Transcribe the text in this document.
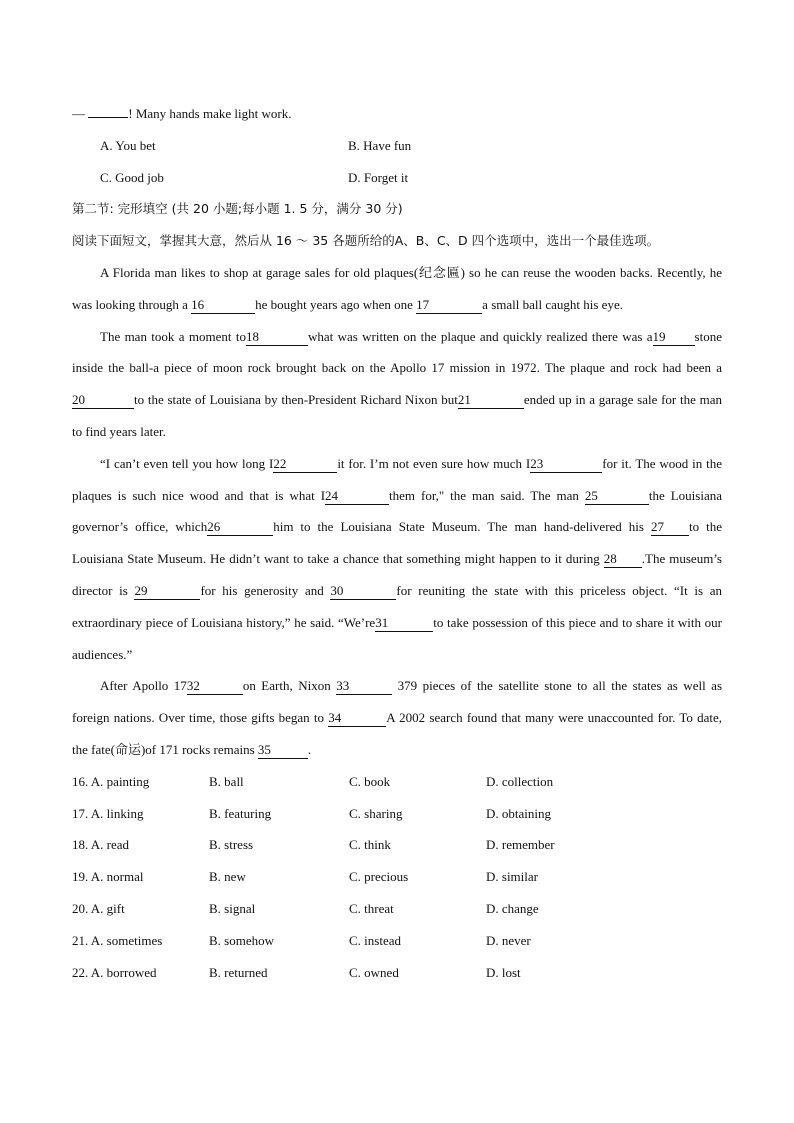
—	! Many hands make light work.
A. You bet	B. Have fun
C. Good job	D. Forget it
第二节: 完形填空 (共 20 小题;每小题 1. 5 分，满分 30 分)
阅读下面短文，掌握其大意，然后从 16 ～ 35 各题所给的A、B、C、D 四个选项中，选出一个最佳选项。
A Florida man likes to shop at garage sales for old plaques(纪念匾) so he can reuse the wooden backs. Recently, he was looking through a 16	he bought years ago when one 17	a small ball caught his eye.
The man took a moment to18	what was written on the plaque and quickly realized there was a19 stone inside the ball-a piece of moon rock brought back on the Apollo 17 mission in 1972. The plaque and rock had been a20	to the state of Louisiana by then-President Richard Nixon but21	ended up in a garage sale for the man to find years later.
“I can’t even tell you how long I22	it for. I’m not even sure how much I23	for it. The wood in the plaques is such nice wood and that is what I24	them for," the man said. The man 25	the Louisiana governor’s office, which26	him to the Louisiana State Museum. The man hand-delivered his 27 to the Louisiana State Museum. He didn’t want to take a chance that something might happen to it during 28 .The museum’s director is 29	for his generosity and 30	for reuniting the state with this priceless object. “It is an extraordinary piece of Louisiana history,” he said. “We’re31	to take possession of this piece and to share it with our audiences.”
After Apollo 1732	on Earth, Nixon 33	379 pieces of the satellite stone to all the states as well as foreign nations. Over time, those gifts began to 34	A 2002 search found that many were unaccounted for. To date, the fate(命运)of 171 rocks remains 35	.
16. A. painting	B. ball	C. book	D. collection
17. A. linking	B. featuring	C. sharing	D. obtaining
18. A. read	B. stress	C. think	D. remember
19. A. normal	B. new	C. precious	D. similar
20. A. gift	B. signal	C. threat	D. change
21. A. sometimes	B. somehow	C. instead	D. never
22. A. borrowed	B. returned	C. owned	D. lost
